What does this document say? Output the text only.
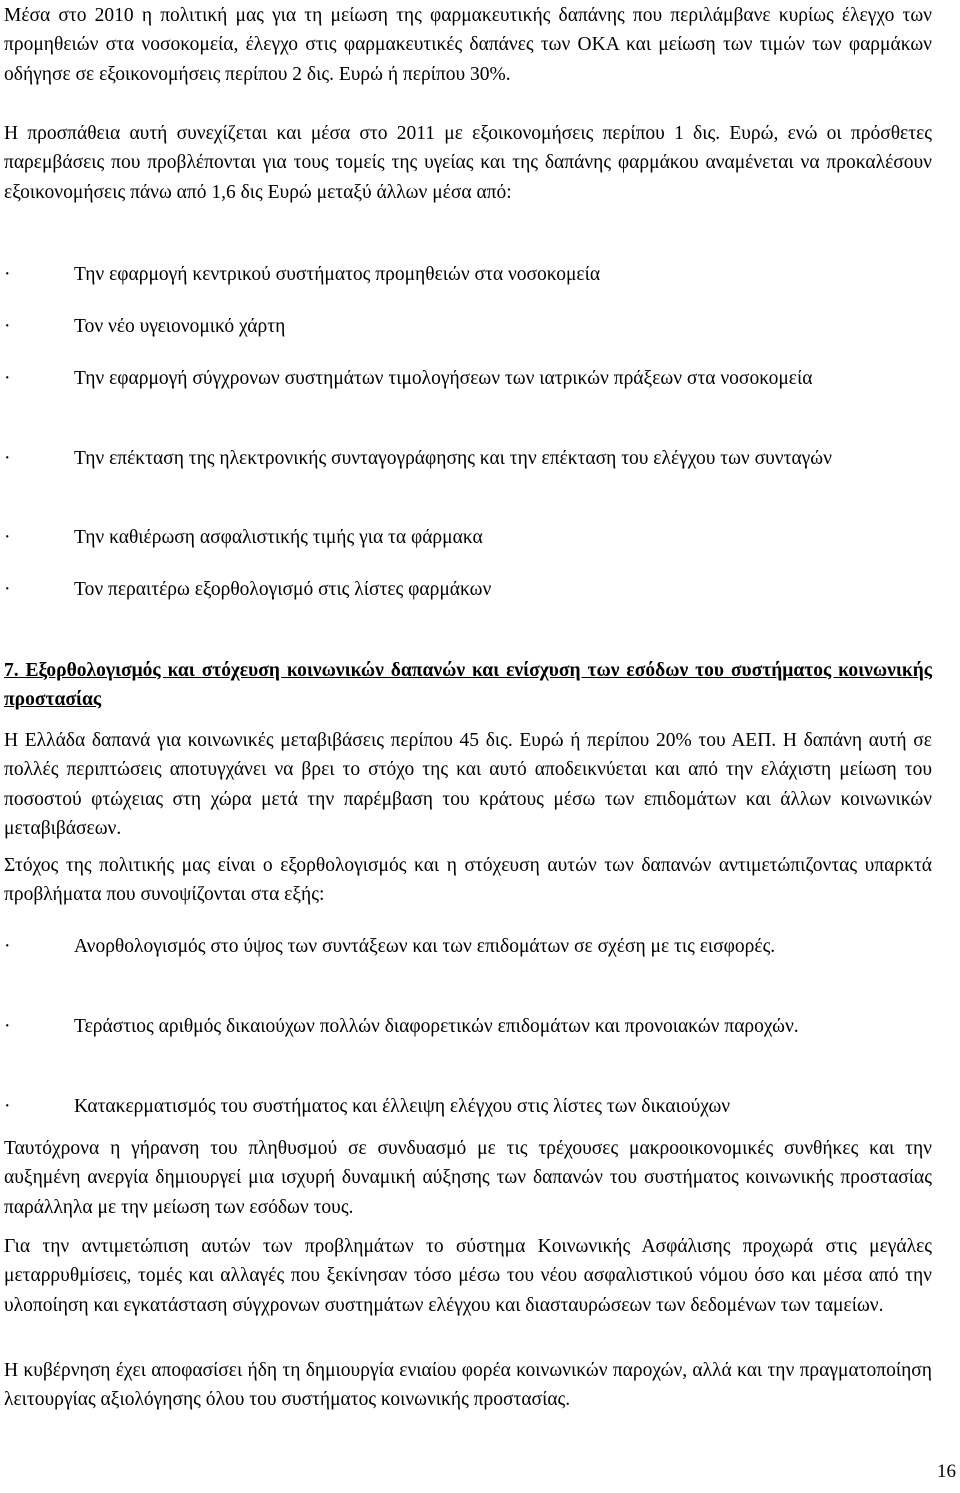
Μέσα στο 2010 η πολιτική μας για τη μείωση της φαρμακευτικής δαπάνης που περιλάμβανε κυρίως έλεγχο των προμηθειών στα νοσοκομεία, έλεγχο στις φαρμακευτικές δαπάνες των ΟΚΑ και μείωση των τιμών των φαρμάκων οδήγησε σε εξοικονομήσεις περίπου 2 δις. Ευρώ ή περίπου 30%.

Η προσπάθεια αυτή συνεχίζεται και μέσα στο 2011 με εξοικονομήσεις περίπου 1 δις. Ευρώ, ενώ οι πρόσθετες παρεμβάσεις που προβλέπονται για τους τομείς της υγείας και της δαπάνης φαρμάκου αναμένεται να προκαλέσουν εξοικονομήσεις πάνω από 1,6 δις Ευρώ μεταξύ άλλων μέσα από:

·	Την εφαρμογή κεντρικού συστήματος προμηθειών στα νοσοκομεία
·	Τον νέο υγειονομικό χάρτη
·	Την εφαρμογή σύγχρονων συστημάτων τιμολογήσεων των ιατρικών πράξεων στα νοσοκομεία
·	Την επέκταση της ηλεκτρονικής συνταγογράφησης και την επέκταση του ελέγχου των συνταγών
·	Την καθιέρωση ασφαλιστικής τιμής για τα φάρμακα
·	Τον περαιτέρω εξορθολογισμό στις λίστες φαρμάκων

7. Εξορθολογισμός και στόχευση κοινωνικών δαπανών και ενίσχυση των εσόδων του συστήματος κοινωνικής προστασίας

Η Ελλάδα δαπανά για κοινωνικές μεταβιβάσεις περίπου 45 δις. Ευρώ ή περίπου 20% του ΑΕΠ. Η δαπάνη αυτή σε πολλές περιπτώσεις αποτυγχάνει να βρει το στόχο της και αυτό αποδεικνύεται και από την ελάχιστη μείωση του ποσοστού φτώχειας στη χώρα μετά την παρέμβαση του κράτους μέσω των επιδομάτων και άλλων κοινωνικών μεταβιβάσεων.

Στόχος της πολιτικής μας είναι ο εξορθολογισμός και η στόχευση αυτών των δαπανών αντιμετώπιζοντας υπαρκτά προβλήματα που συνοψίζονται στα εξής:

·	Ανορθολογισμός στο ύψος των συντάξεων και των επιδομάτων σε σχέση με τις εισφορές.
·	Τεράστιος αριθμός δικαιούχων πολλών διαφορετικών επιδομάτων και προνοιακών παροχών.
·	Κατακερματισμός του συστήματος και έλλειψη ελέγχου στις λίστες των δικαιούχων

Ταυτόχρονα η γήρανση του πληθυσμού σε συνδυασμό με τις τρέχουσες μακροοικονομικές συνθήκες και την αυξημένη ανεργία δημιουργεί μια ισχυρή δυναμική αύξησης των δαπανών του συστήματος κοινωνικής προστασίας παράλληλα με την μείωση των εσόδων τους.

Για την αντιμετώπιση αυτών των προβλημάτων το σύστημα Κοινωνικής Ασφάλισης προχωρά στις μεγάλες μεταρρυθμίσεις, τομές και αλλαγές που ξεκίνησαν τόσο μέσω του νέου ασφαλιστικού νόμου όσο και μέσα από την υλοποίηση και εγκατάσταση σύγχρονων συστημάτων ελέγχου και διασταυρώσεων των δεδομένων των ταμείων.

Η κυβέρνηση έχει αποφασίσει ήδη τη δημιουργία ενιαίου φορέα κοινωνικών παροχών, αλλά και την πραγματοποίηση λειτουργίας αξιολόγησης όλου του συστήματος κοινωνικής προστασίας.

16
